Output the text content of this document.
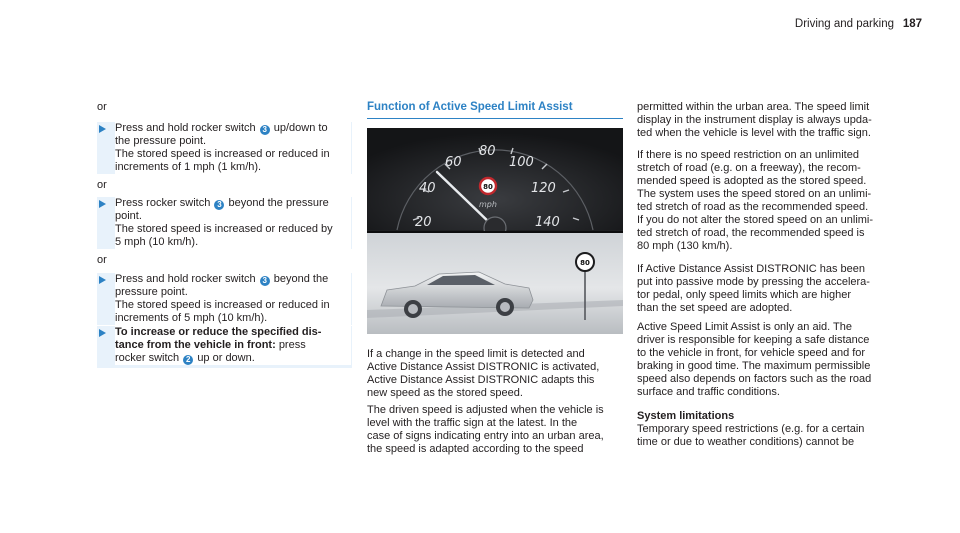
Driving and parking 187
or
Press and hold rocker switch 3 up/down to
the pressure point.
The stored speed is increased or reduced in
increments of 1 mph (1 km/h).
or
Press rocker switch 3 beyond the pressure
point.
The stored speed is increased or reduced by
5 mph (10 km/h).
or
Press and hold rocker switch 3 beyond the
pressure point.
The stored speed is increased or reduced in
increments of 5 mph (10 km/h).
To increase or reduce the specified dis-
tance from the vehicle in front: press
rocker switch 2 up or down.
Function of Active Speed Limit Assist
20
40
60
80
100
120
140
80
mph
80
If a change in the speed limit is detected and
Active Distance Assist DISTRONIC is activated,
Active Distance Assist DISTRONIC adapts this
new speed as the stored speed.
The driven speed is adjusted when the vehicle is
level with the traffic sign at the latest. In the
case of signs indicating entry into an urban area,
the speed is adapted according to the speed
permitted within the urban area. The speed limit
display in the instrument display is always upda-
ted when the vehicle is level with the traffic sign.
If there is no speed restriction on an unlimited
stretch of road (e.g. on a freeway), the recom-
mended speed is adopted as the stored speed.
The system uses the speed stored on an unlimi-
ted stretch of road as the recommended speed.
If you do not alter the stored speed on an unlimi-
ted stretch of road, the recommended speed is
80 mph (130 km/h).
If Active Distance Assist DISTRONIC has been
put into passive mode by pressing the accelera-
tor pedal, only speed limits which are higher
than the set speed are adopted.
Active Speed Limit Assist is only an aid. The
driver is responsible for keeping a safe distance
to the vehicle in front, for vehicle speed and for
braking in good time. The maximum permissible
speed also depends on factors such as the road
surface and traffic conditions.
System limitations
Temporary speed restrictions (e.g. for a certain
time or due to weather conditions) cannot be
